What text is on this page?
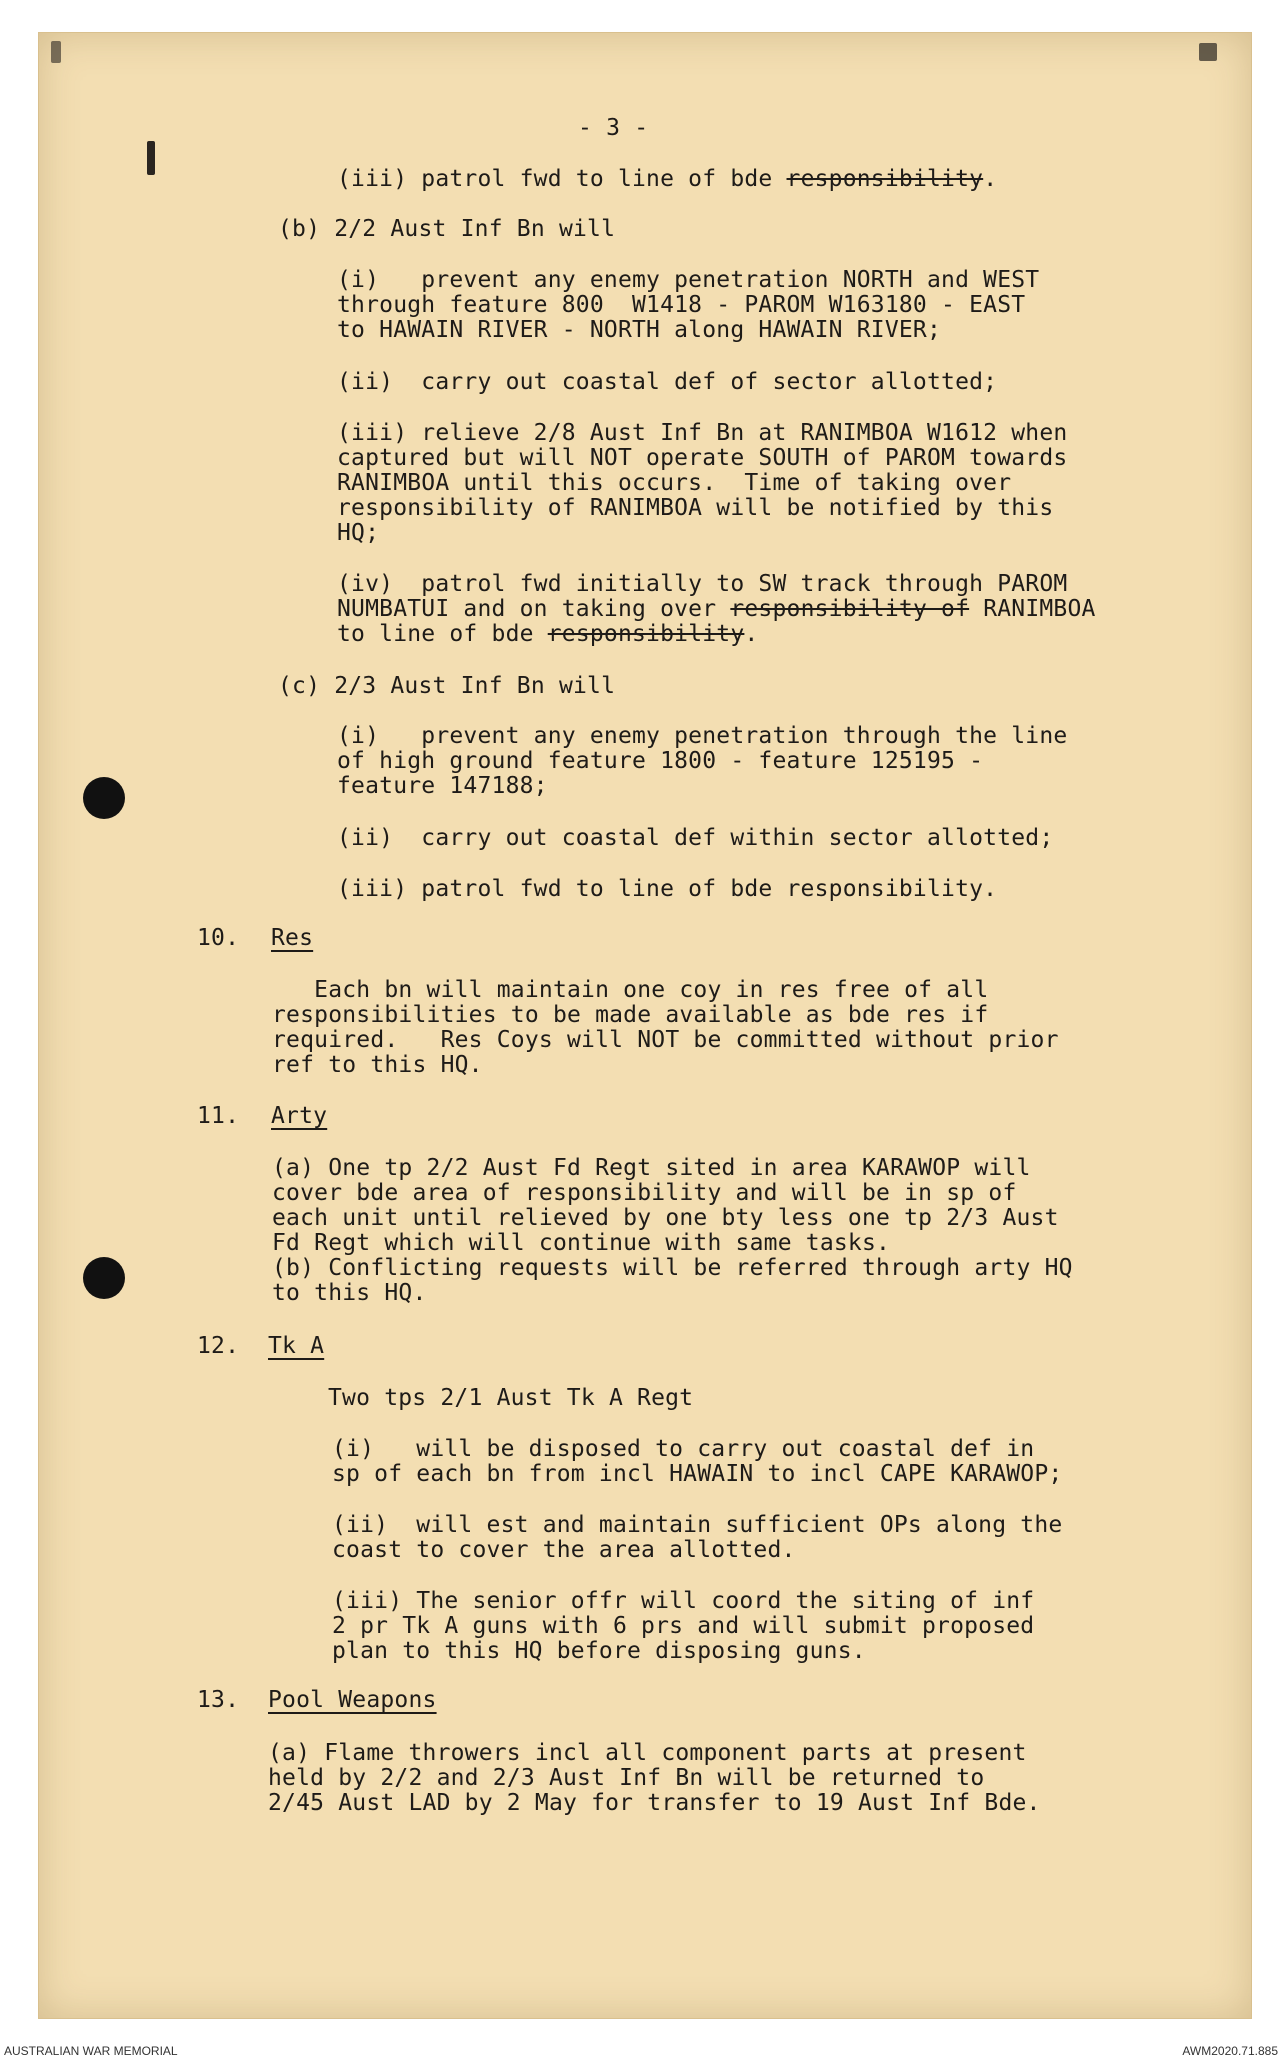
- 3 -

(iii) patrol fwd to line of bde responsibility.

(b) 2/2 Aust Inf Bn will

(i)   prevent any enemy penetration NORTH and WEST

through feature 800  W1418 - PAROM W163180 - EAST

to HAWAIN RIVER - NORTH along HAWAIN RIVER;

(ii)  carry out coastal def of sector allotted;

(iii) relieve 2/8 Aust Inf Bn at RANIMBOA W1612 when

captured but will NOT operate SOUTH of PAROM towards

RANIMBOA until this occurs.  Time of taking over

responsibility of RANIMBOA will be notified by this

HQ;

(iv)  patrol fwd initially to SW track through PAROM

NUMBATUI and on taking over responsibility of RANIMBOA

to line of bde responsibility.

(c) 2/3 Aust Inf Bn will

(i)   prevent any enemy penetration through the line

of high ground feature 1800 - feature 125195 -

feature 147188;

(ii)  carry out coastal def within sector allotted;

(iii) patrol fwd to line of bde responsibility.

10. Res

Each bn will maintain one coy in res free of all

responsibilities to be made available as bde res if

required.   Res Coys will NOT be committed without prior

ref to this HQ.

11. Arty

(a) One tp 2/2 Aust Fd Regt sited in area KARAWOP will

cover bde area of responsibility and will be in sp of

each unit until relieved by one bty less one tp 2/3 Aust

Fd Regt which will continue with same tasks.

(b) Conflicting requests will be referred through arty HQ

to this HQ.

12. Tk A

Two tps 2/1 Aust Tk A Regt

(i)   will be disposed to carry out coastal def in

sp of each bn from incl HAWAIN to incl CAPE KARAWOP;

(ii)  will est and maintain sufficient OPs along the

coast to cover the area allotted.

(iii) The senior offr will coord the siting of inf

2 pr Tk A guns with 6 prs and will submit proposed

plan to this HQ before disposing guns.

13. Pool Weapons

(a) Flame throwers incl all component parts at present

held by 2/2 and 2/3 Aust Inf Bn will be returned to

2/45 Aust LAD by 2 May for transfer to 19 Aust Inf Bde.

AUSTRALIAN WAR MEMORIAL	AWM2020.71.885
